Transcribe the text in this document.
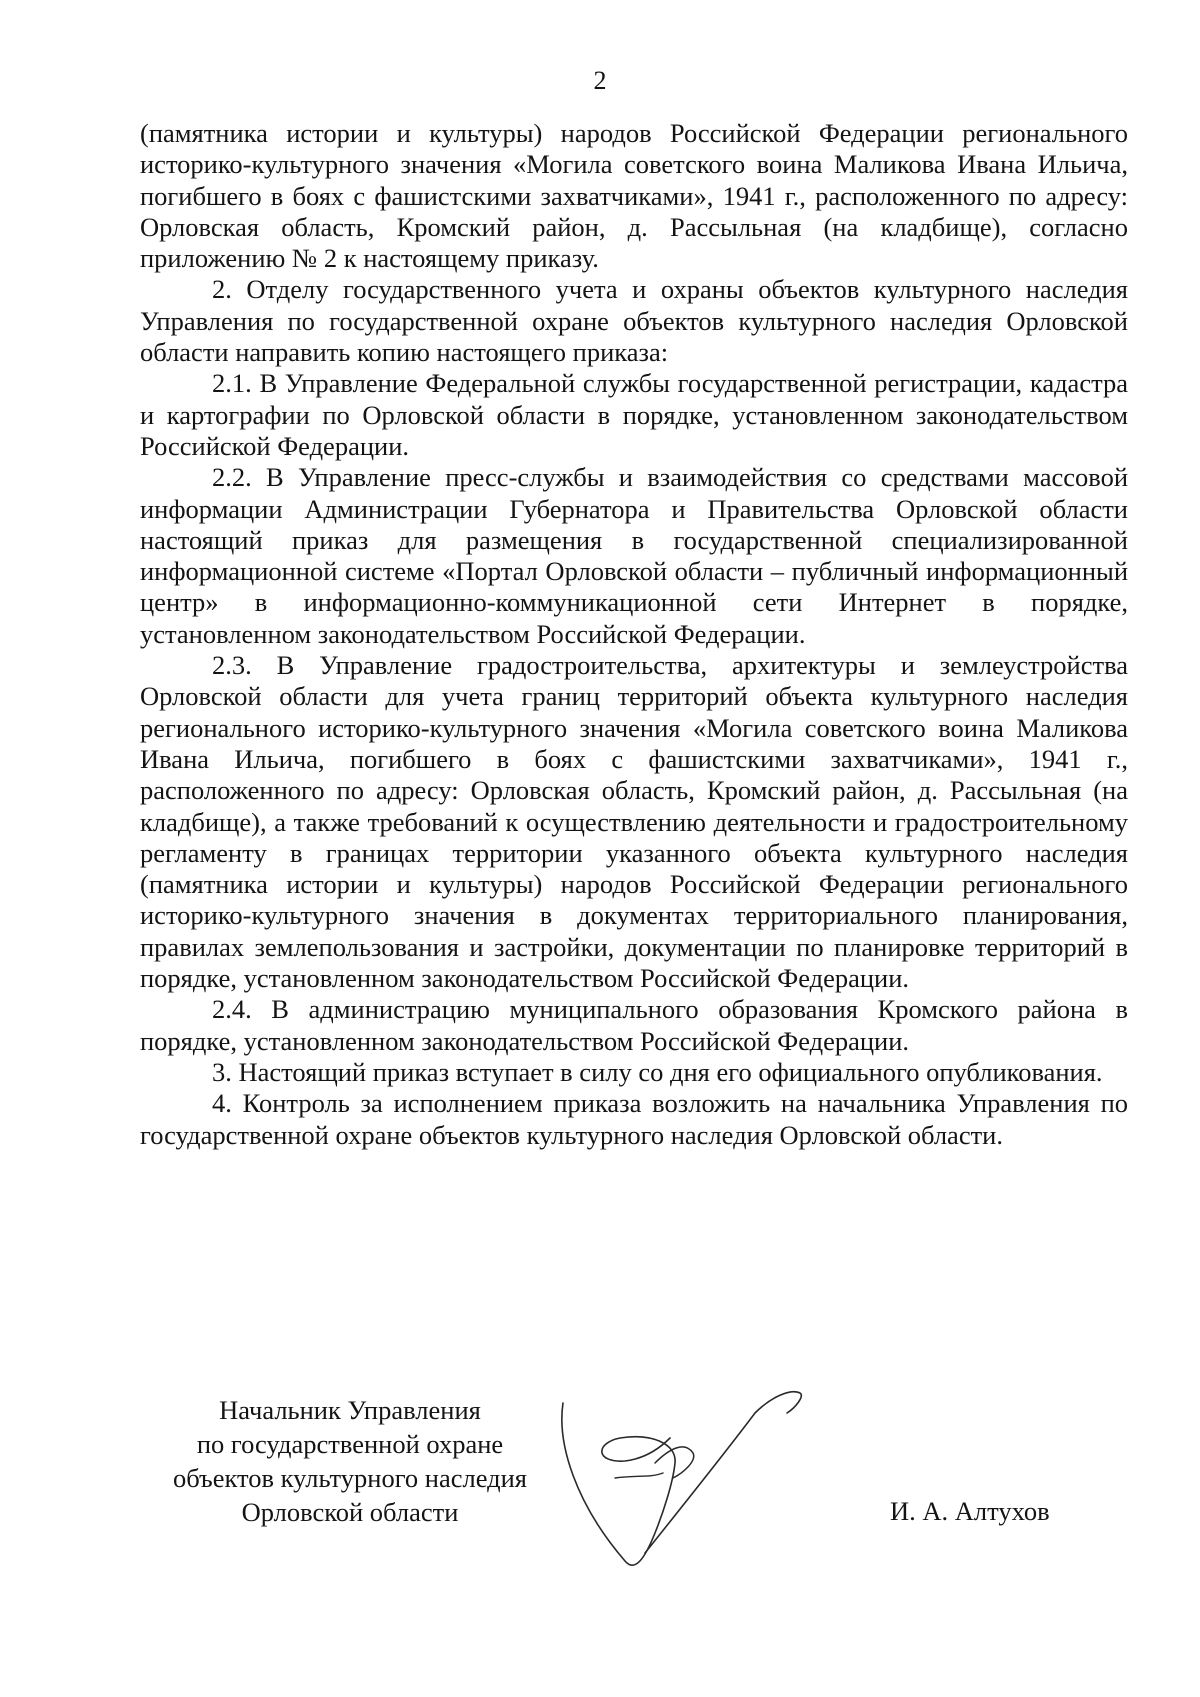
2

(памятника истории и культуры) народов Российской Федерации регионального историко-культурного значения «Могила советского воина Маликова Ивана Ильича, погибшего в боях с фашистскими захватчиками», 1941 г., расположенного по адресу: Орловская область, Кромский район, д. Рассыльная (на кладбище), согласно приложению № 2 к настоящему приказу.

2. Отделу государственного учета и охраны объектов культурного наследия Управления по государственной охране объектов культурного наследия Орловской области направить копию настоящего приказа:

2.1. В Управление Федеральной службы государственной регистрации, кадастра и картографии по Орловской области в порядке, установленном законодательством Российской Федерации.

2.2. В Управление пресс-службы и взаимодействия со средствами массовой информации Администрации Губернатора и Правительства Орловской области настоящий приказ для размещения в государственной специализированной информационной системе «Портал Орловской области – публичный информационный центр» в информационно-коммуникационной сети Интернет в порядке, установленном законодательством Российской Федерации.

2.3. В Управление градостроительства, архитектуры и землеустройства Орловской области для учета границ территорий объекта культурного наследия регионального историко-культурного значения «Могила советского воина Маликова Ивана Ильича, погибшего в боях с фашистскими захватчиками», 1941 г., расположенного по адресу: Орловская область, Кромский район, д. Рассыльная (на кладбище), а также требований к осуществлению деятельности и градостроительному регламенту в границах территории указанного объекта культурного наследия (памятника истории и культуры) народов Российской Федерации регионального историко-культурного значения в документах территориального планирования, правилах землепользования и застройки, документации по планировке территорий в порядке, установленном законодательством Российской Федерации.

2.4. В администрацию муниципального образования Кромского района в порядке, установленном законодательством Российской Федерации.

3. Настоящий приказ вступает в силу со дня его официального опубликования.

4. Контроль за исполнением приказа возложить на начальника Управления по государственной охране объектов культурного наследия Орловской области.

Начальник Управления
по государственной охране
объектов культурного наследия
Орловской области	И. А. Алтухов
